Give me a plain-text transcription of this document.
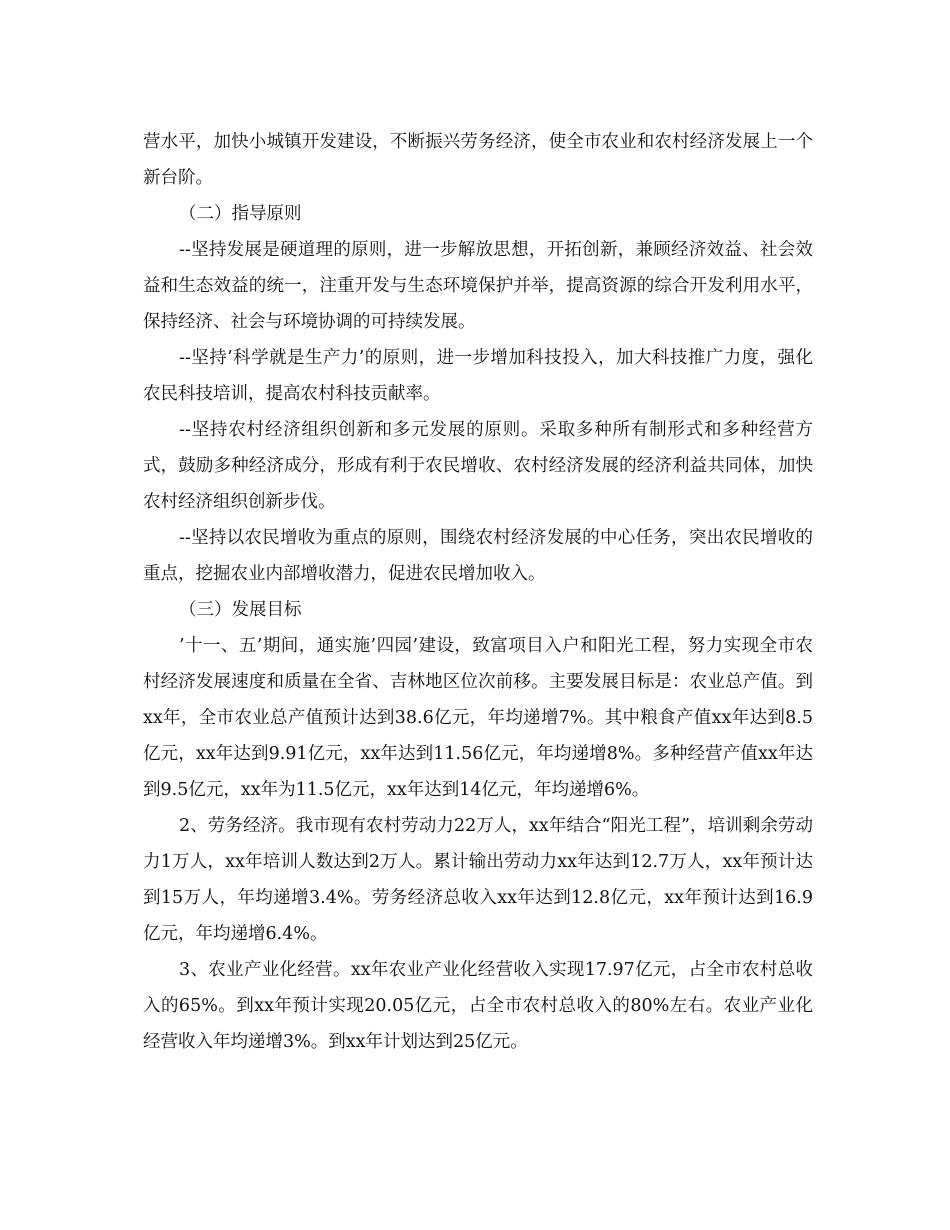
营水平，加快小城镇开发建设，不断振兴劳务经济，使全市农业和农村经济发展上一个新台阶。

（二）指导原则

--坚持发展是硬道理的原则，进一步解放思想，开拓创新，兼顾经济效益、社会效益和生态效益的统一，注重开发与生态环境保护并举，提高资源的综合开发利用水平，保持经济、社会与环境协调的可持续发展。

--坚持’科学就是生产力’的原则，进一步增加科技投入，加大科技推广力度，强化农民科技培训，提高农村科技贡献率。

--坚持农村经济组织创新和多元发展的原则。采取多种所有制形式和多种经营方式，鼓励多种经济成分，形成有利于农民增收、农村经济发展的经济利益共同体，加快农村经济组织创新步伐。

--坚持以农民增收为重点的原则，围绕农村经济发展的中心任务，突出农民增收的重点，挖掘农业内部增收潜力，促进农民增加收入。

（三）发展目标

’十一、五’期间，通实施’四园’建设，致富项目入户和阳光工程，努力实现全市农村经济发展速度和质量在全省、吉林地区位次前移。主要发展目标是：农业总产值。到xx年，全市农业总产值预计达到38.6亿元，年均递增7%。其中粮食产值xx年达到8.5亿元，xx年达到9.91亿元，xx年达到11.56亿元，年均递增8%。多种经营产值xx年达到9.5亿元，xx年为11.5亿元，xx年达到14亿元，年均递增6%。

2、劳务经济。我市现有农村劳动力22万人，xx年结合“阳光工程”，培训剩余劳动力1万人，xx年培训人数达到2万人。累计输出劳动力xx年达到12.7万人，xx年预计达到15万人，年均递增3.4%。劳务经济总收入xx年达到12.8亿元，xx年预计达到16.9亿元，年均递增6.4%。

3、农业产业化经营。xx年农业产业化经营收入实现17.97亿元，占全市农村总收入的65%。到xx年预计实现20.05亿元，占全市农村总收入的80%左右。农业产业化经营收入年均递增3%。到xx年计划达到25亿元。
